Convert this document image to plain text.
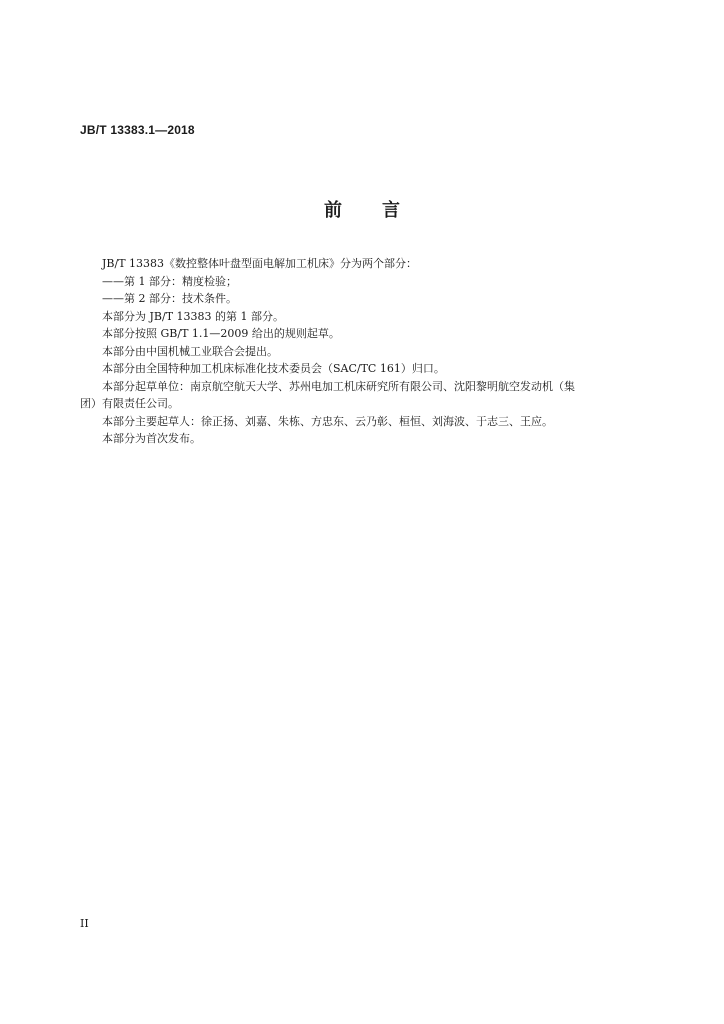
JB/T 13383.1—2018
前言

JB/T 13383《数控整体叶盘型面电解加工机床》分为两个部分：

——第 1 部分：精度检验；

——第 2 部分：技术条件。

本部分为 JB/T 13383 的第 1 部分。

本部分按照 GB/T 1.1—2009 给出的规则起草。

本部分由中国机械工业联合会提出。

本部分由全国特种加工机床标准化技术委员会（SAC/TC 161）归口。

本部分起草单位：南京航空航天大学、苏州电加工机床研究所有限公司、沈阳黎明航空发动机（集团）有限责任公司。

本部分主要起草人：徐正扬、刘嘉、朱栋、方忠东、云乃彰、桓恒、刘海波、于志三、王应。

本部分为首次发布。

II
